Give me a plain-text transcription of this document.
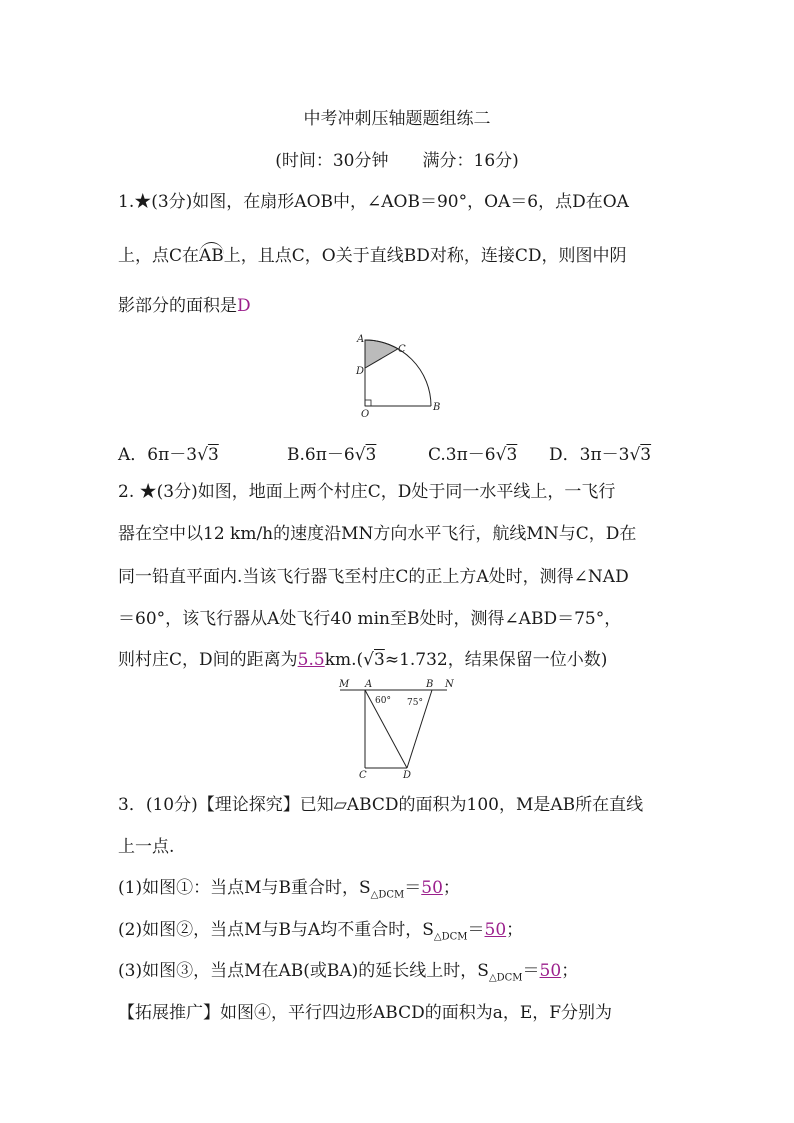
中考冲刺压轴题题组练二
(时间：30分钟　　满分：16分)
1.★(3分)如图，在扇形AOB中，∠AOB＝90°，OA＝6，点D在OA
上，点C在AB上，且点C，O关于直线BD对称，连接CD，则图中阴
影部分的面积是D
A
C
D
O
B
A．6π－3√3	B.6π－6√3	C.3π－6√3 D．3π－3√3
2. ★(3分)如图，地面上两个村庄C，D处于同一水平线上，一飞行
器在空中以12 km/h的速度沿MN方向水平飞行，航线MN与C，D在
同一铅直平面内.当该飞行器飞至村庄C的正上方A处时，测得∠NAD
＝60°，该飞行器从A处飞行40 min至B处时，测得∠ABD＝75°，
则村庄C，D间的距离为5.5km.(√3≈1.732，结果保留一位小数)
M A	B N
60° 75°
C	D
3．(10分)【理论探究】已知▱ABCD的面积为100，M是AB所在直线
上一点.
(1)如图①：当点M与B重合时，$S_{\triangle DCM}=50$；
(2)如图②，当点M与B与A均不重合时，$S_{\triangle DCM}=50$；
(3)如图③，当点M在AB(或BA)的延长线上时，$S_{\triangle DCM}=50$；
【拓展推广】如图④，平行四边形ABCD的面积为a，E，F分别为
